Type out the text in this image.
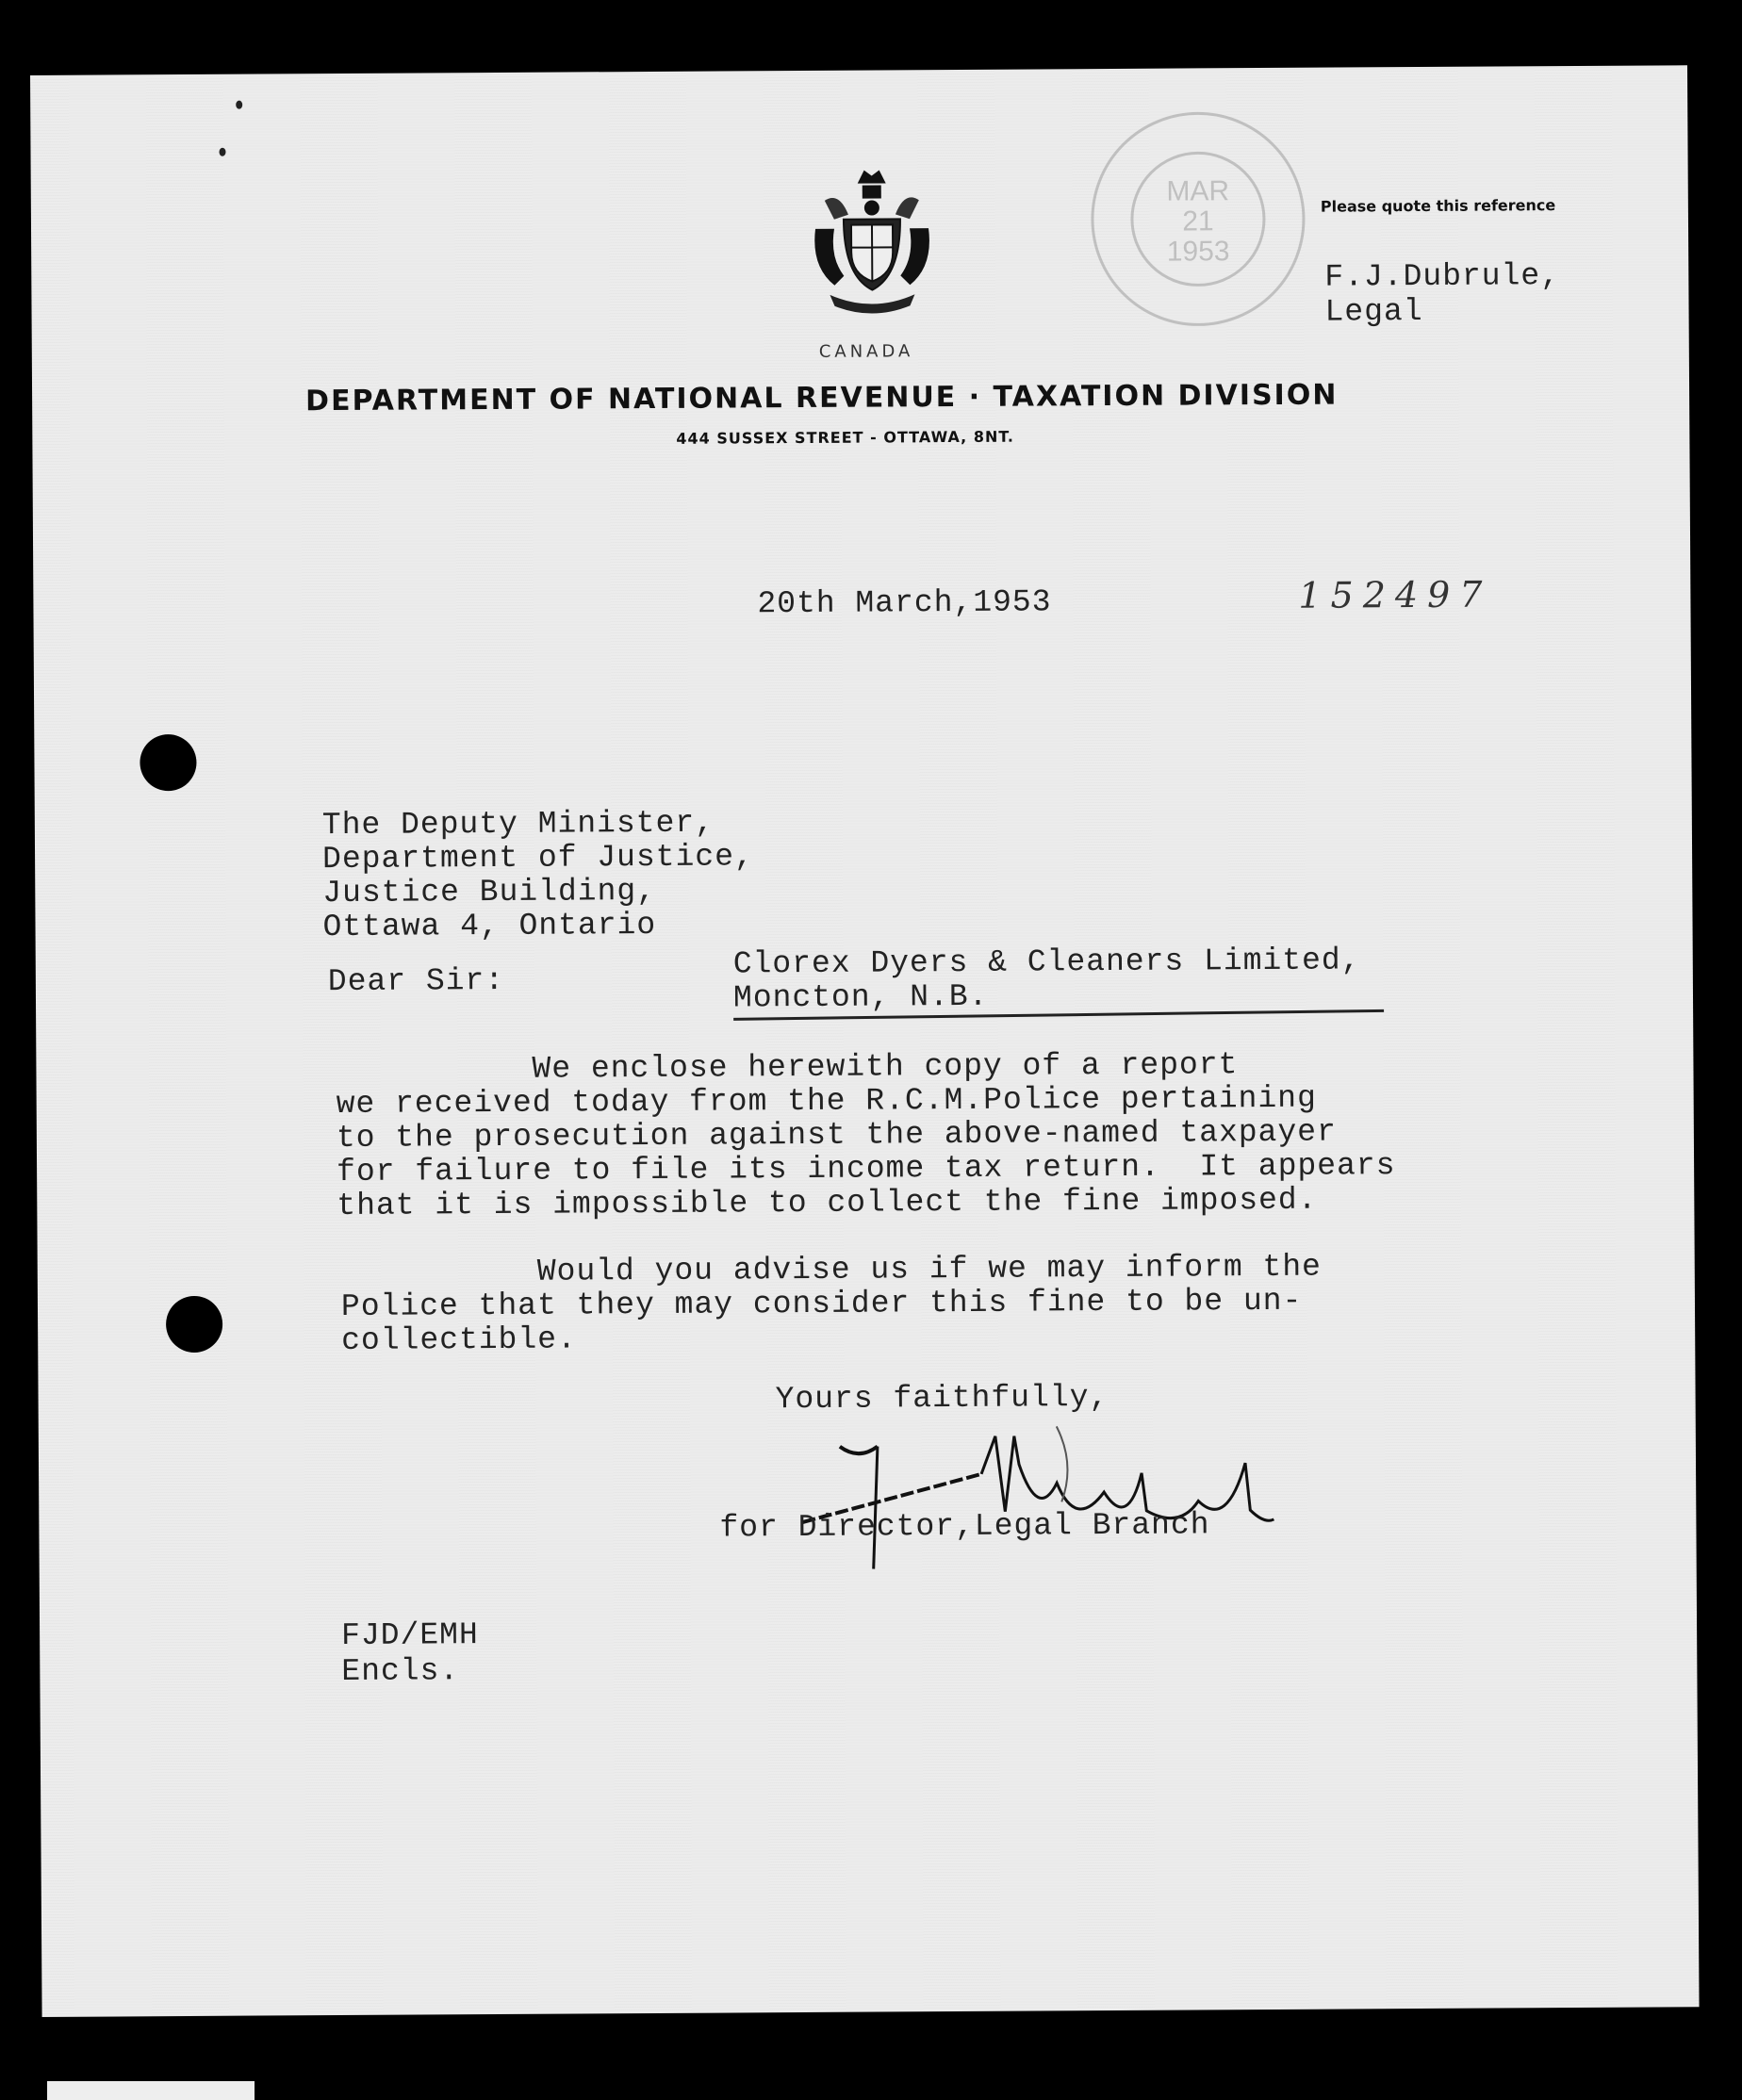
CANADA
DEPARTMENT OF NATIONAL REVENUE · TAXATION DIVISION
444 SUSSEX STREET - OTTAWA, 8NT.
MAR
21
1953
Please quote this reference
F.J.Dubrule,
Legal
20th March,1953	152497
The Deputy Minister,
Department of Justice,
Justice Building,
Ottawa 4, Ontario
Dear Sir:	Clorex Dyers & Cleaners Limited,
Moncton, N.B.
We enclose herewith copy of a report
we received today from the R.C.M.Police pertaining
to the prosecution against the above-named taxpayer
for failure to file its income tax return.  It appears
that it is impossible to collect the fine imposed.
Would you advise us if we may inform the
Police that they may consider this fine to be un-
collectible.
Yours faithfully,
for Director,Legal Branch
FJD/EMH
Encls.
